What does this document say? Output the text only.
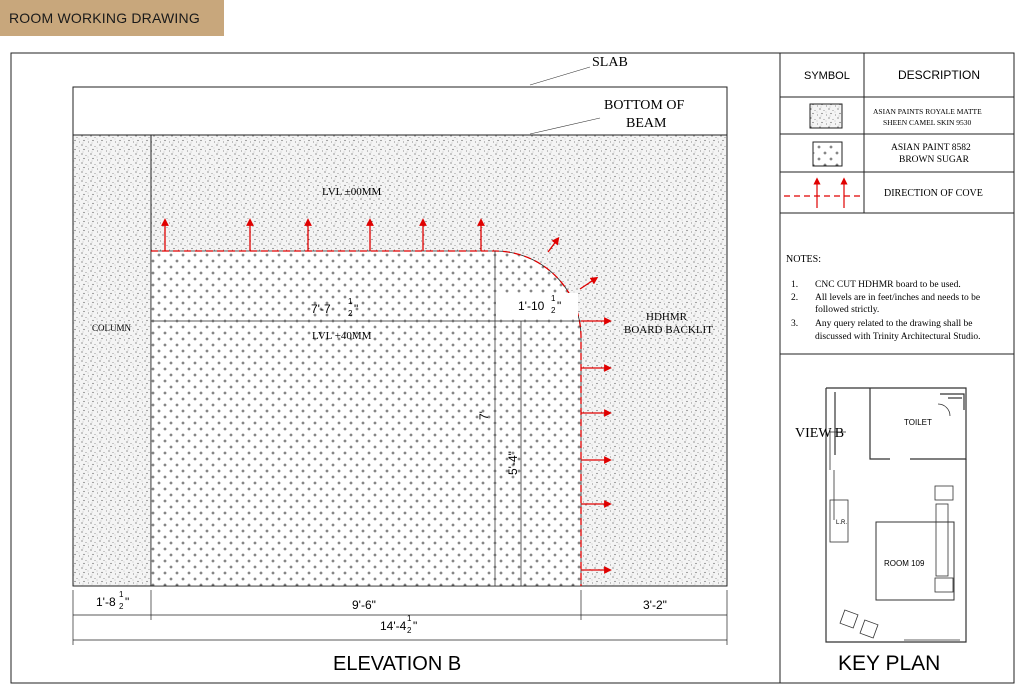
ROOM WORKING DRAWING
SLAB
BOTTOM OF
BEAM
LVL ±00MM
LVL +40MM
COLUMN
HDHMR
BOARD BACKLIT
7'-7
1
2 "	1'-10
1
2 "
7'
5'-4"
1'-8
1
2 "	9'-6"	3'-2"
14'-4
1
2 "
ELEVATION B
SYMBOL	DESCRIPTION
ASIAN PAINTS ROYALE MATTE
SHEEN CAMEL SKIN 9530
ASIAN PAINT 8582
BROWN SUGAR
DIRECTION OF COVE
NOTES:
1. CNC CUT HDHMR board to be used.
2. All levels are in feet/inches and needs to be
followed strictly.
3. Any query related to the drawing shall be
discussed with Trinity Architectural Studio.
VIEW B
TOILET
ROOM 109
L.R.
KEY PLAN
